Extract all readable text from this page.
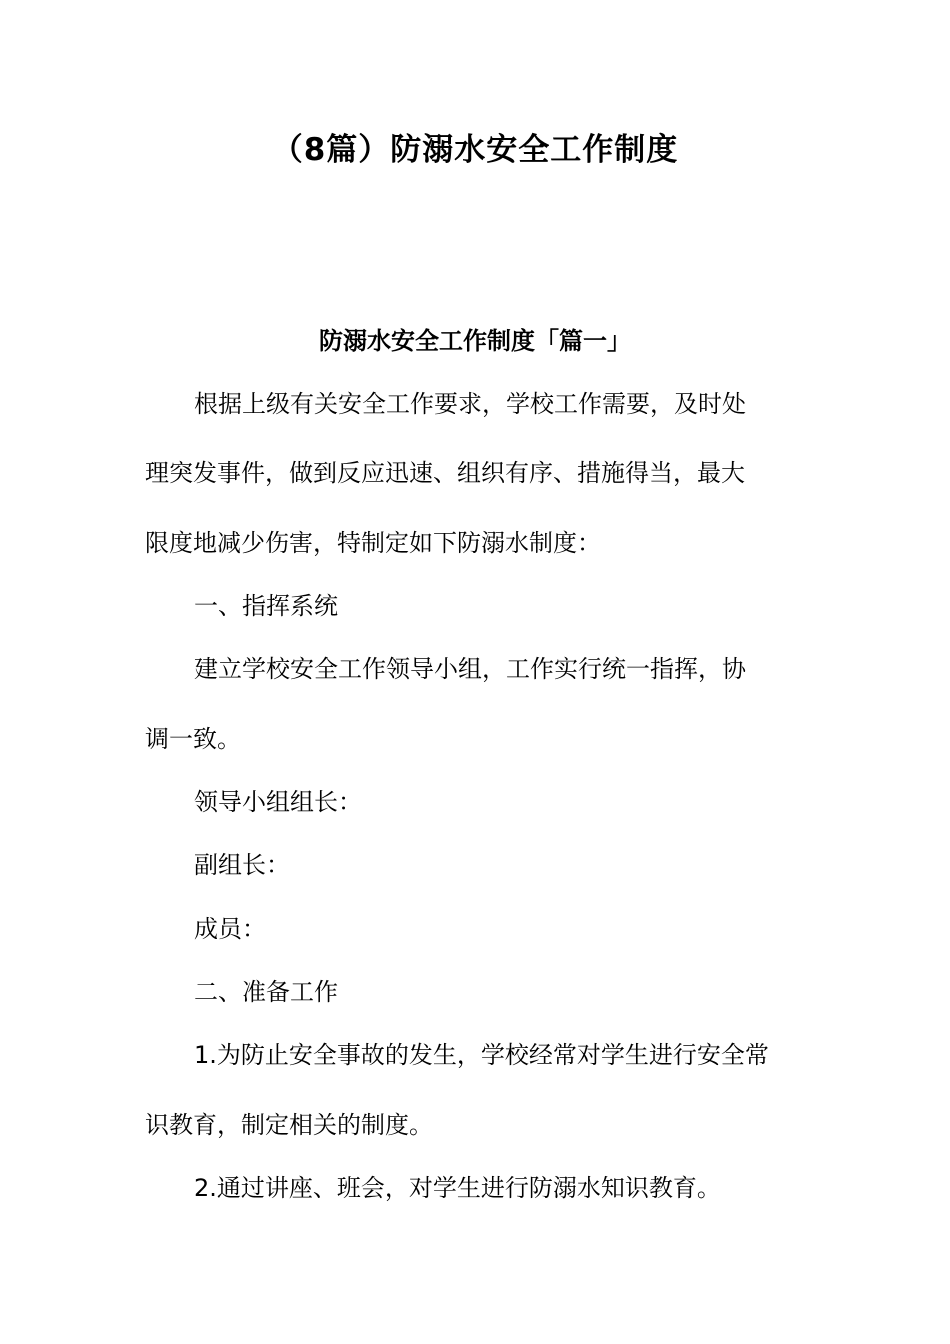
（8篇）防溺水安全工作制度
防溺水安全工作制度「篇一」
根据上级有关安全工作要求，学校工作需要，及时处
理突发事件，做到反应迅速、组织有序、措施得当，最大
限度地减少伤害，特制定如下防溺水制度：
一、指挥系统
建立学校安全工作领导小组，工作实行统一指挥，协
调一致。
领导小组组长：
副组长：
成员：
二、准备工作
1.为防止安全事故的发生，学校经常对学生进行安全常
识教育，制定相关的制度。
2.通过讲座、班会，对学生进行防溺水知识教育。
